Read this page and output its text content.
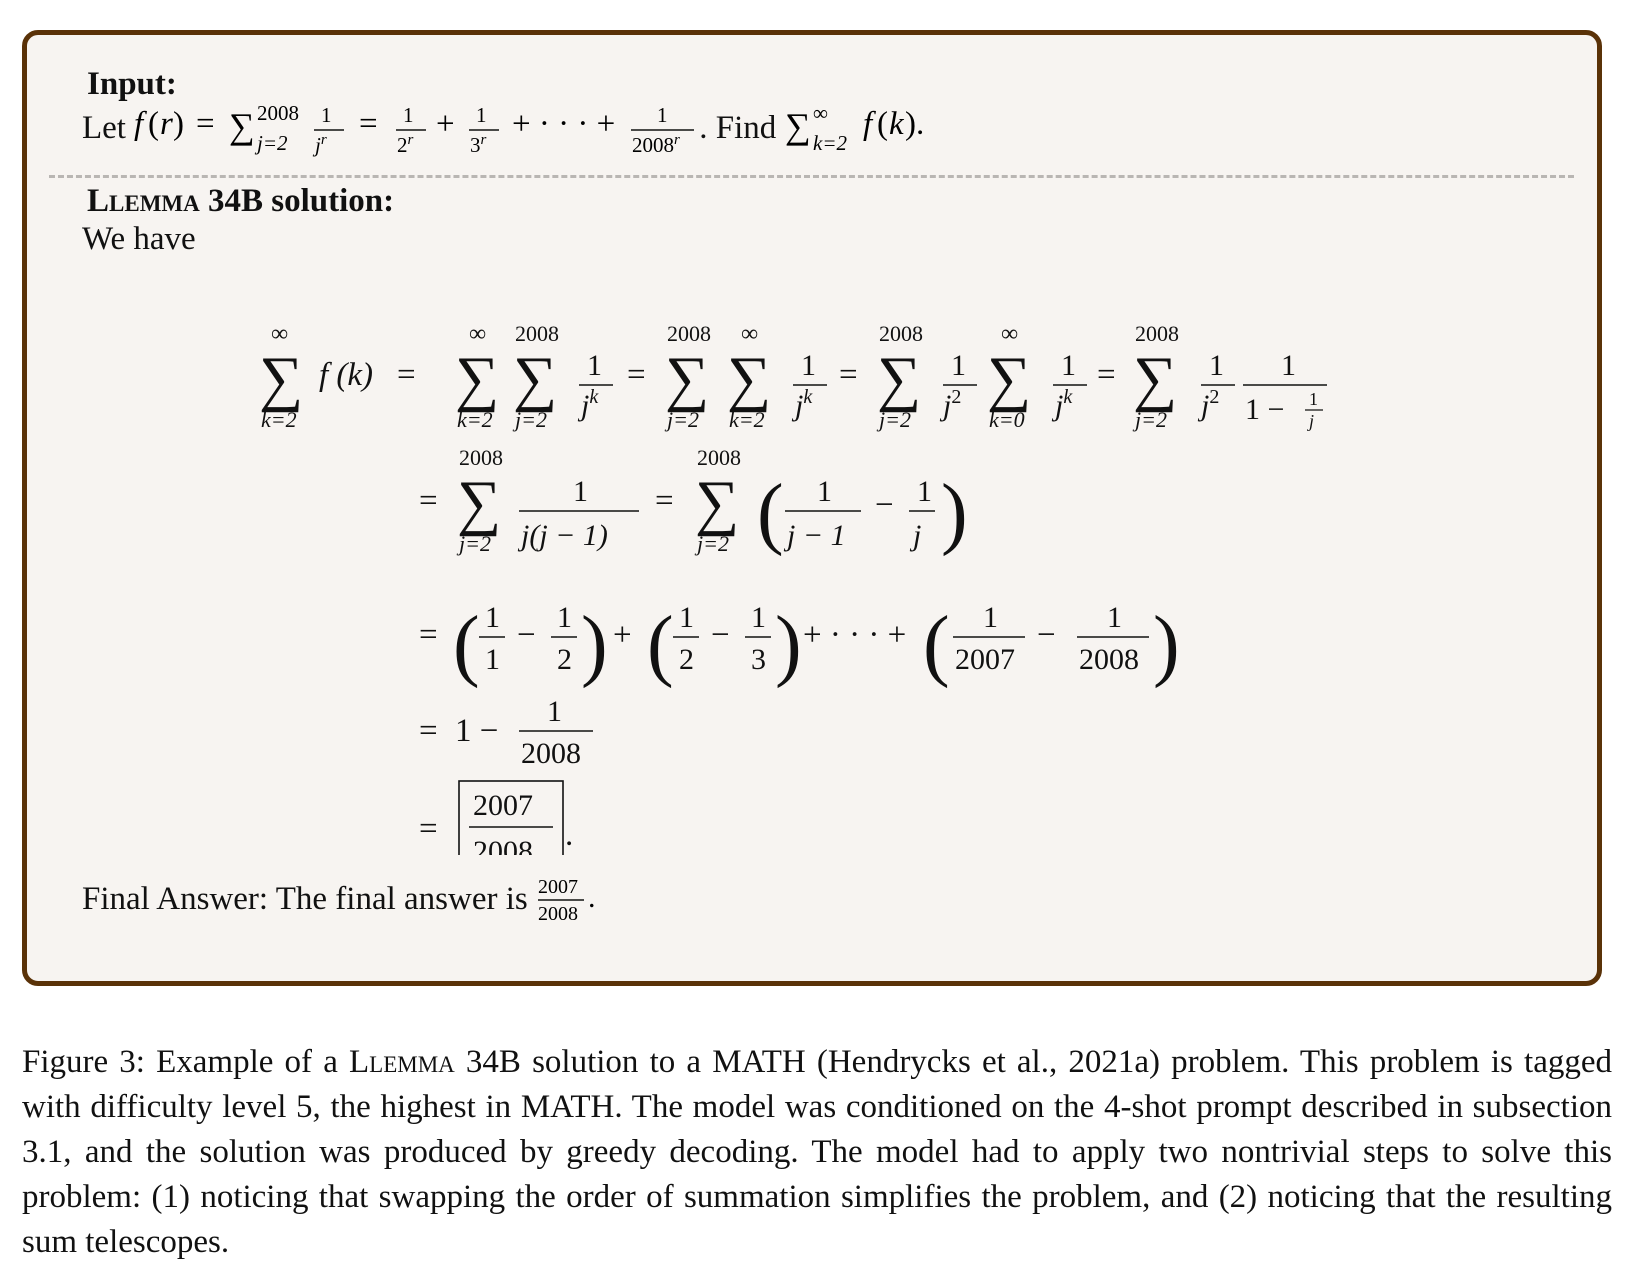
Input:
Let f ( r ) = ∑ 2008
j=2
1
$j^r = 1$
$2^r + 1$
$3^r$ + · · · + 1
2008$^r$ . Find ∑ ∞
k=2
f ( k ).
Llemma 34B solution:
We have
∞
∑
k=2
f (k) =
∞
∑
k=2
2008
∑
j=2
1
$j^k$
=
2008
∑
j=2
∞
∑
k=2
1
$j^k$
=
2008
∑
j=2
1
$j^2$
∞
∑
k=0
1
$j^k$
=
2008
∑
j=2
1
$j^2$
1
1 − 1
j
=
2008
∑
j=2
1
j(j − 1)
=
2008
∑
j=2 ( 1
j − 1
− 1
j )
= ( 1
1
− 1
2 ) + ( 1
2
− 1
3 ) + · · · + ( 1
2007
− 1
2008 )
= 1 −
1
2008
=
2007
2008 .
Final Answer: The final answer is 2007
2008 .
Figure 3: Example of a Llemma 34B solution to a MATH (Hendrycks et al., 2021a) problem. This problem is tagged with difficulty level 5, the highest in MATH. The model was conditioned on the 4-shot prompt described in subsection 3.1, and the solution was produced by greedy decoding. The model had to apply two nontrivial steps to solve this problem: (1) noticing that swapping the order of summation simplifies the problem, and (2) noticing that the resulting sum telescopes.
